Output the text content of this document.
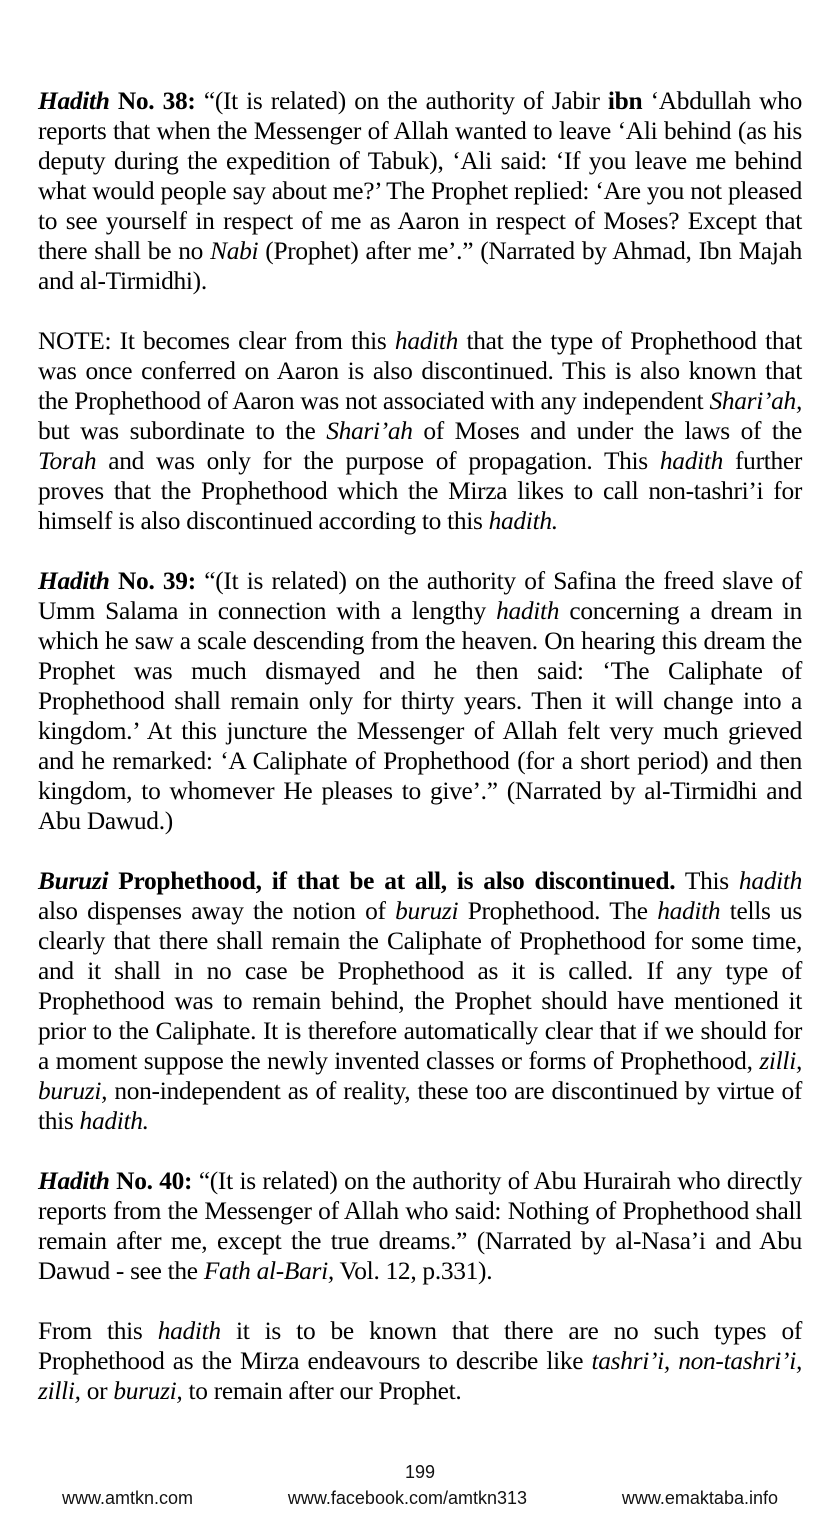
Hadith No. 38: “(It is related) on the authority of Jabir ibn ‘Abdullah who reports that when the Messenger of Allah wanted to leave ‘Ali behind (as his deputy during the expedition of Tabuk), ‘Ali said: ‘If you leave me behind what would people say about me?’ The Prophet replied: ‘Are you not pleased to see yourself in respect of me as Aaron in respect of Moses? Except that there shall be no Nabi (Prophet) after me’.” (Narrated by Ahmad, Ibn Majah and al-Tirmidhi).

NOTE: It becomes clear from this hadith that the type of Prophethood that was once conferred on Aaron is also discontinued. This is also known that the Prophethood of Aaron was not associated with any independent Shari’ah, but was subordinate to the Shari’ah of Moses and under the laws of the Torah and was only for the purpose of propagation. This hadith further proves that the Prophethood which the Mirza likes to call non-tashri’i for himself is also discontinued according to this hadith.

Hadith No. 39: “(It is related) on the authority of Safina the freed slave of Umm Salama in connection with a lengthy hadith concerning a dream in which he saw a scale descending from the heaven. On hearing this dream the Prophet was much dismayed and he then said: ‘The Caliphate of Prophethood shall remain only for thirty years. Then it will change into a kingdom.’ At this juncture the Messenger of Allah felt very much grieved and he remarked: ‘A Caliphate of Prophethood (for a short period) and then kingdom, to whomever He pleases to give’.” (Narrated by al-Tirmidhi and Abu Dawud.)

Buruzi Prophethood, if that be at all, is also discontinued. This hadith also dispenses away the notion of buruzi Prophethood. The hadith tells us clearly that there shall remain the Caliphate of Prophethood for some time, and it shall in no case be Prophethood as it is called. If any type of Prophethood was to remain behind, the Prophet should have mentioned it prior to the Caliphate. It is therefore automatically clear that if we should for a moment suppose the newly invented classes or forms of Prophethood, zilli, buruzi, non-independent as of reality, these too are discontinued by virtue of this hadith.

Hadith No. 40: “(It is related) on the authority of Abu Hurairah who directly reports from the Messenger of Allah who said: Nothing of Prophethood shall remain after me, except the true dreams.” (Narrated by al-Nasa’i and Abu Dawud - see the Fath al-Bari, Vol. 12, p.331).

From this hadith it is to be known that there are no such types of Prophethood as the Mirza endeavours to describe like tashri’i, non-tashri’i, zilli, or buruzi, to remain after our Prophet.

199
www.amtkn.com	www.facebook.com/amtkn313	www.emaktaba.info
